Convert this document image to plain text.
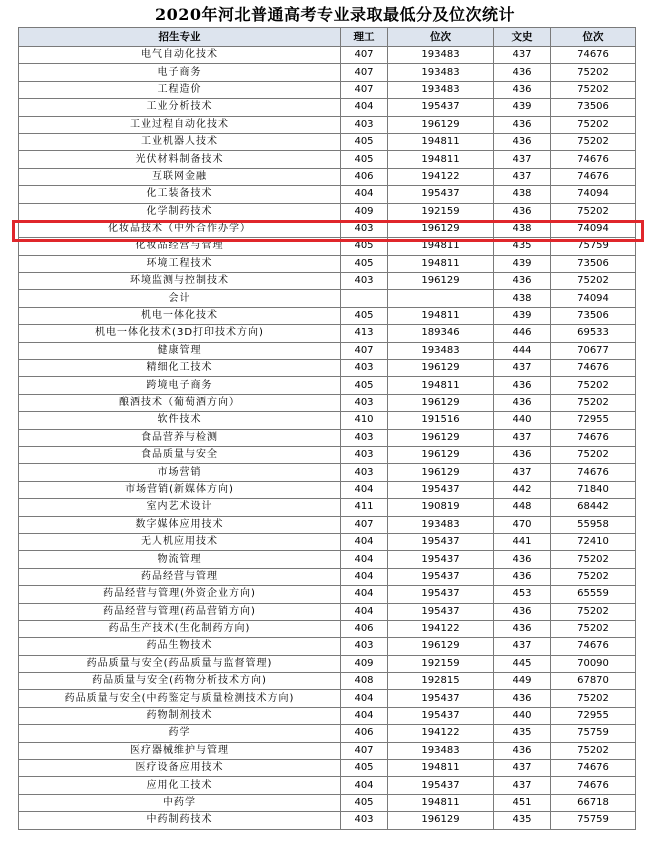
2020年河北普通高考专业录取最低分及位次统计
招生专业	理工	位次	文史	位次
电气自动化技术	407	193483	437	74676
电子商务	407	193483	436	75202
工程造价	407	193483	436	75202
工业分析技术	404	195437	439	73506
工业过程自动化技术	403	196129	436	75202
工业机器人技术	405	194811	436	75202
光伏材料制备技术	405	194811	437	74676
互联网金融	406	194122	437	74676
化工装备技术	404	195437	438	74094
化学制药技术	409	192159	436	75202
化妆品技术（中外合作办学）	403	196129	438	74094
化妆品经营与管理	405	194811	435	75759
环境工程技术	405	194811	439	73506
环境监测与控制技术	403	196129	436	75202
会计			438	74094
机电一体化技术	405	194811	439	73506
机电一体化技术(3D打印技术方向)	413	189346	446	69533
健康管理	407	193483	444	70677
精细化工技术	403	196129	437	74676
跨境电子商务	405	194811	436	75202
酿酒技术（葡萄酒方向）	403	196129	436	75202
软件技术	410	191516	440	72955
食品营养与检测	403	196129	437	74676
食品质量与安全	403	196129	436	75202
市场营销	403	196129	437	74676
市场营销(新媒体方向)	404	195437	442	71840
室内艺术设计	411	190819	448	68442
数字媒体应用技术	407	193483	470	55958
无人机应用技术	404	195437	441	72410
物流管理	404	195437	436	75202
药品经营与管理	404	195437	436	75202
药品经营与管理(外资企业方向)	404	195437	453	65559
药品经营与管理(药品营销方向)	404	195437	436	75202
药品生产技术(生化制药方向)	406	194122	436	75202
药品生物技术	403	196129	437	74676
药品质量与安全(药品质量与监督管理)	409	192159	445	70090
药品质量与安全(药物分析技术方向)	408	192815	449	67870
药品质量与安全(中药鉴定与质量检测技术方向)	404	195437	436	75202
药物制剂技术	404	195437	440	72955
药学	406	194122	435	75759
医疗器械维护与管理	407	193483	436	75202
医疗设备应用技术	405	194811	437	74676
应用化工技术	404	195437	437	74676
中药学	405	194811	451	66718
中药制药技术	403	196129	435	75759
